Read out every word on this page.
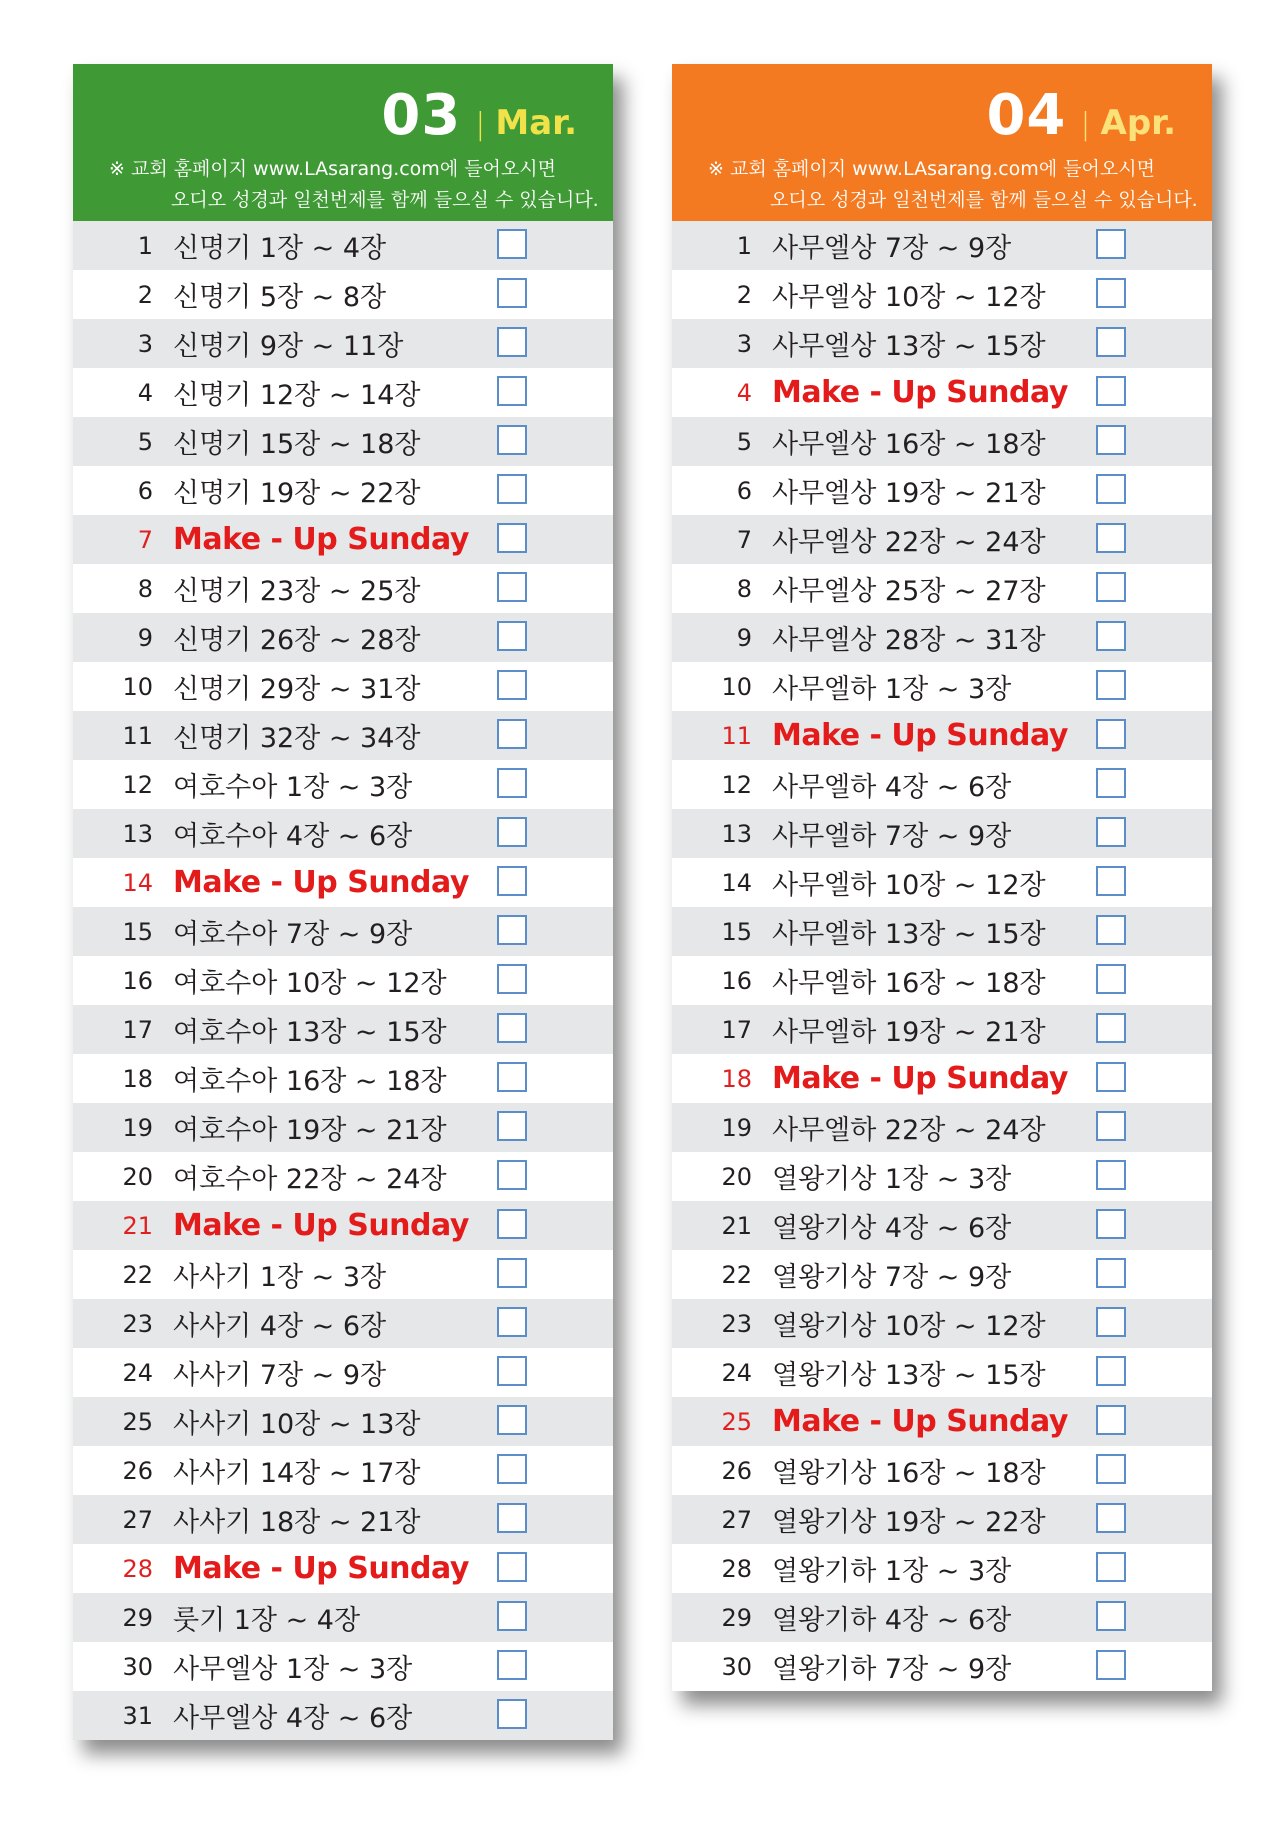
03 | Mar.
※ 교회 홈페이지 www.LAsarang.com에 들어오시면
오디오 성경과 일천번제를 함께 들으실 수 있습니다.
1 신명기 1장 ~ 4장
2 신명기 5장 ~ 8장
3 신명기 9장 ~ 11장
4 신명기 12장 ~ 14장
5 신명기 15장 ~ 18장
6 신명기 19장 ~ 22장
7 Make - Up Sunday
8 신명기 23장 ~ 25장
9 신명기 26장 ~ 28장
10 신명기 29장 ~ 31장
11 신명기 32장 ~ 34장
12 여호수아 1장 ~ 3장
13 여호수아 4장 ~ 6장
14 Make - Up Sunday
15 여호수아 7장 ~ 9장
16 여호수아 10장 ~ 12장
17 여호수아 13장 ~ 15장
18 여호수아 16장 ~ 18장
19 여호수아 19장 ~ 21장
20 여호수아 22장 ~ 24장
21 Make - Up Sunday
22 사사기 1장 ~ 3장
23 사사기 4장 ~ 6장
24 사사기 7장 ~ 9장
25 사사기 10장 ~ 13장
26 사사기 14장 ~ 17장
27 사사기 18장 ~ 21장
28 Make - Up Sunday
29 룻기 1장 ~ 4장
30 사무엘상 1장 ~ 3장
31 사무엘상 4장 ~ 6장
04 | Apr.
※ 교회 홈페이지 www.LAsarang.com에 들어오시면
오디오 성경과 일천번제를 함께 들으실 수 있습니다.
1 사무엘상 7장 ~ 9장
2 사무엘상 10장 ~ 12장
3 사무엘상 13장 ~ 15장
4 Make - Up Sunday
5 사무엘상 16장 ~ 18장
6 사무엘상 19장 ~ 21장
7 사무엘상 22장 ~ 24장
8 사무엘상 25장 ~ 27장
9 사무엘상 28장 ~ 31장
10 사무엘하 1장 ~ 3장
11 Make - Up Sunday
12 사무엘하 4장 ~ 6장
13 사무엘하 7장 ~ 9장
14 사무엘하 10장 ~ 12장
15 사무엘하 13장 ~ 15장
16 사무엘하 16장 ~ 18장
17 사무엘하 19장 ~ 21장
18 Make - Up Sunday
19 사무엘하 22장 ~ 24장
20 열왕기상 1장 ~ 3장
21 열왕기상 4장 ~ 6장
22 열왕기상 7장 ~ 9장
23 열왕기상 10장 ~ 12장
24 열왕기상 13장 ~ 15장
25 Make - Up Sunday
26 열왕기상 16장 ~ 18장
27 열왕기상 19장 ~ 22장
28 열왕기하 1장 ~ 3장
29 열왕기하 4장 ~ 6장
30 열왕기하 7장 ~ 9장
